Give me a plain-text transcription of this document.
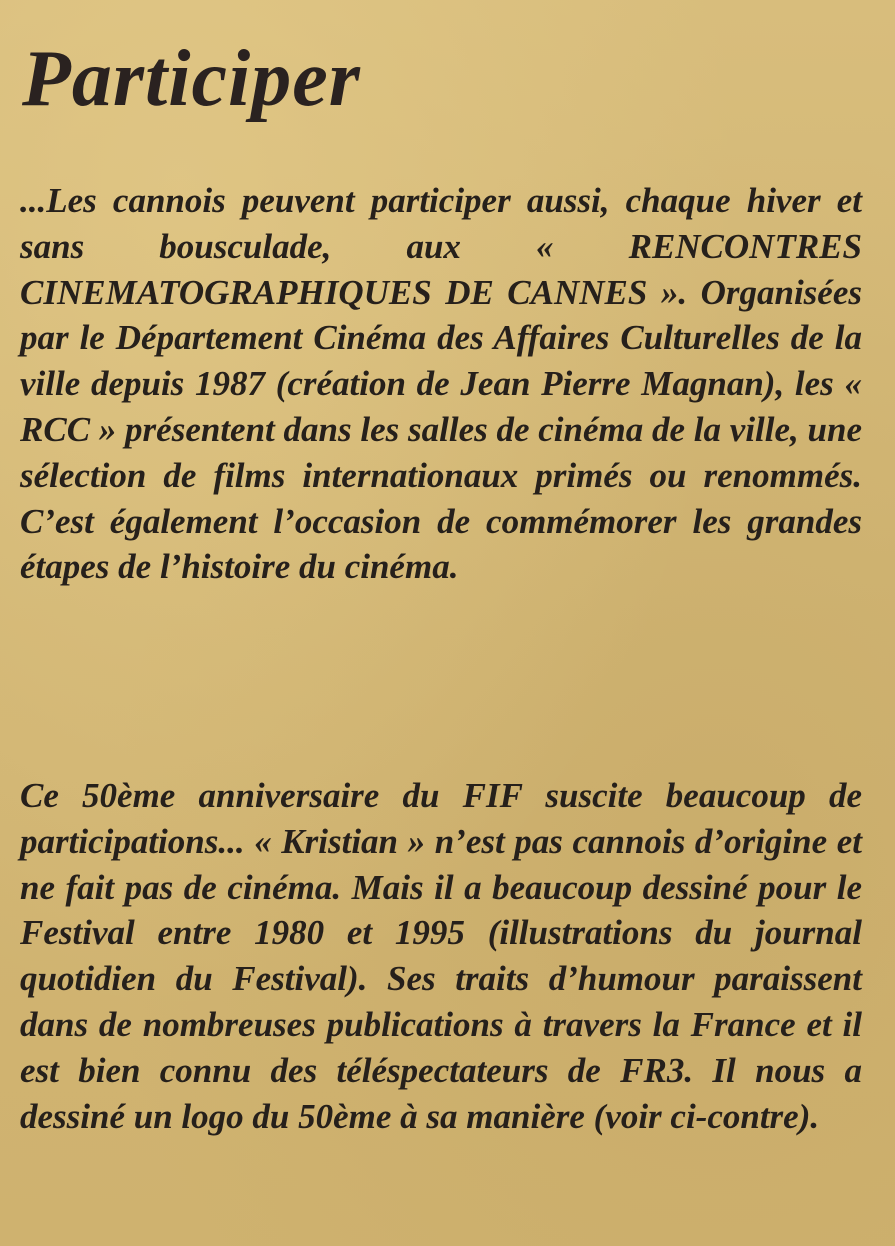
Participer

...Les cannois peuvent participer aussi, chaque hiver et sans bousculade, aux « RENCONTRES CINEMATOGRAPHIQUES DE CANNES ». Organisées par le Département Cinéma des Affaires Culturelles de la ville depuis 1987 (création de Jean Pierre Magnan), les « RCC » présentent dans les salles de cinéma de la ville, une sélection de films internationaux primés ou renommés. C’est également l’occasion de commémorer les grandes étapes de l’histoire du cinéma.

Ce 50ème anniversaire du FIF suscite beaucoup de participations... « Kristian » n’est pas cannois d’origine et ne fait pas de cinéma. Mais il a beaucoup dessiné pour le Festival entre 1980 et 1995 (illustrations du journal quotidien du Festival). Ses traits d’humour paraissent dans de nombreuses publications à travers la France et il est bien connu des téléspectateurs de FR3. Il nous a dessiné un logo du 50ème à sa manière (voir ci-contre).
